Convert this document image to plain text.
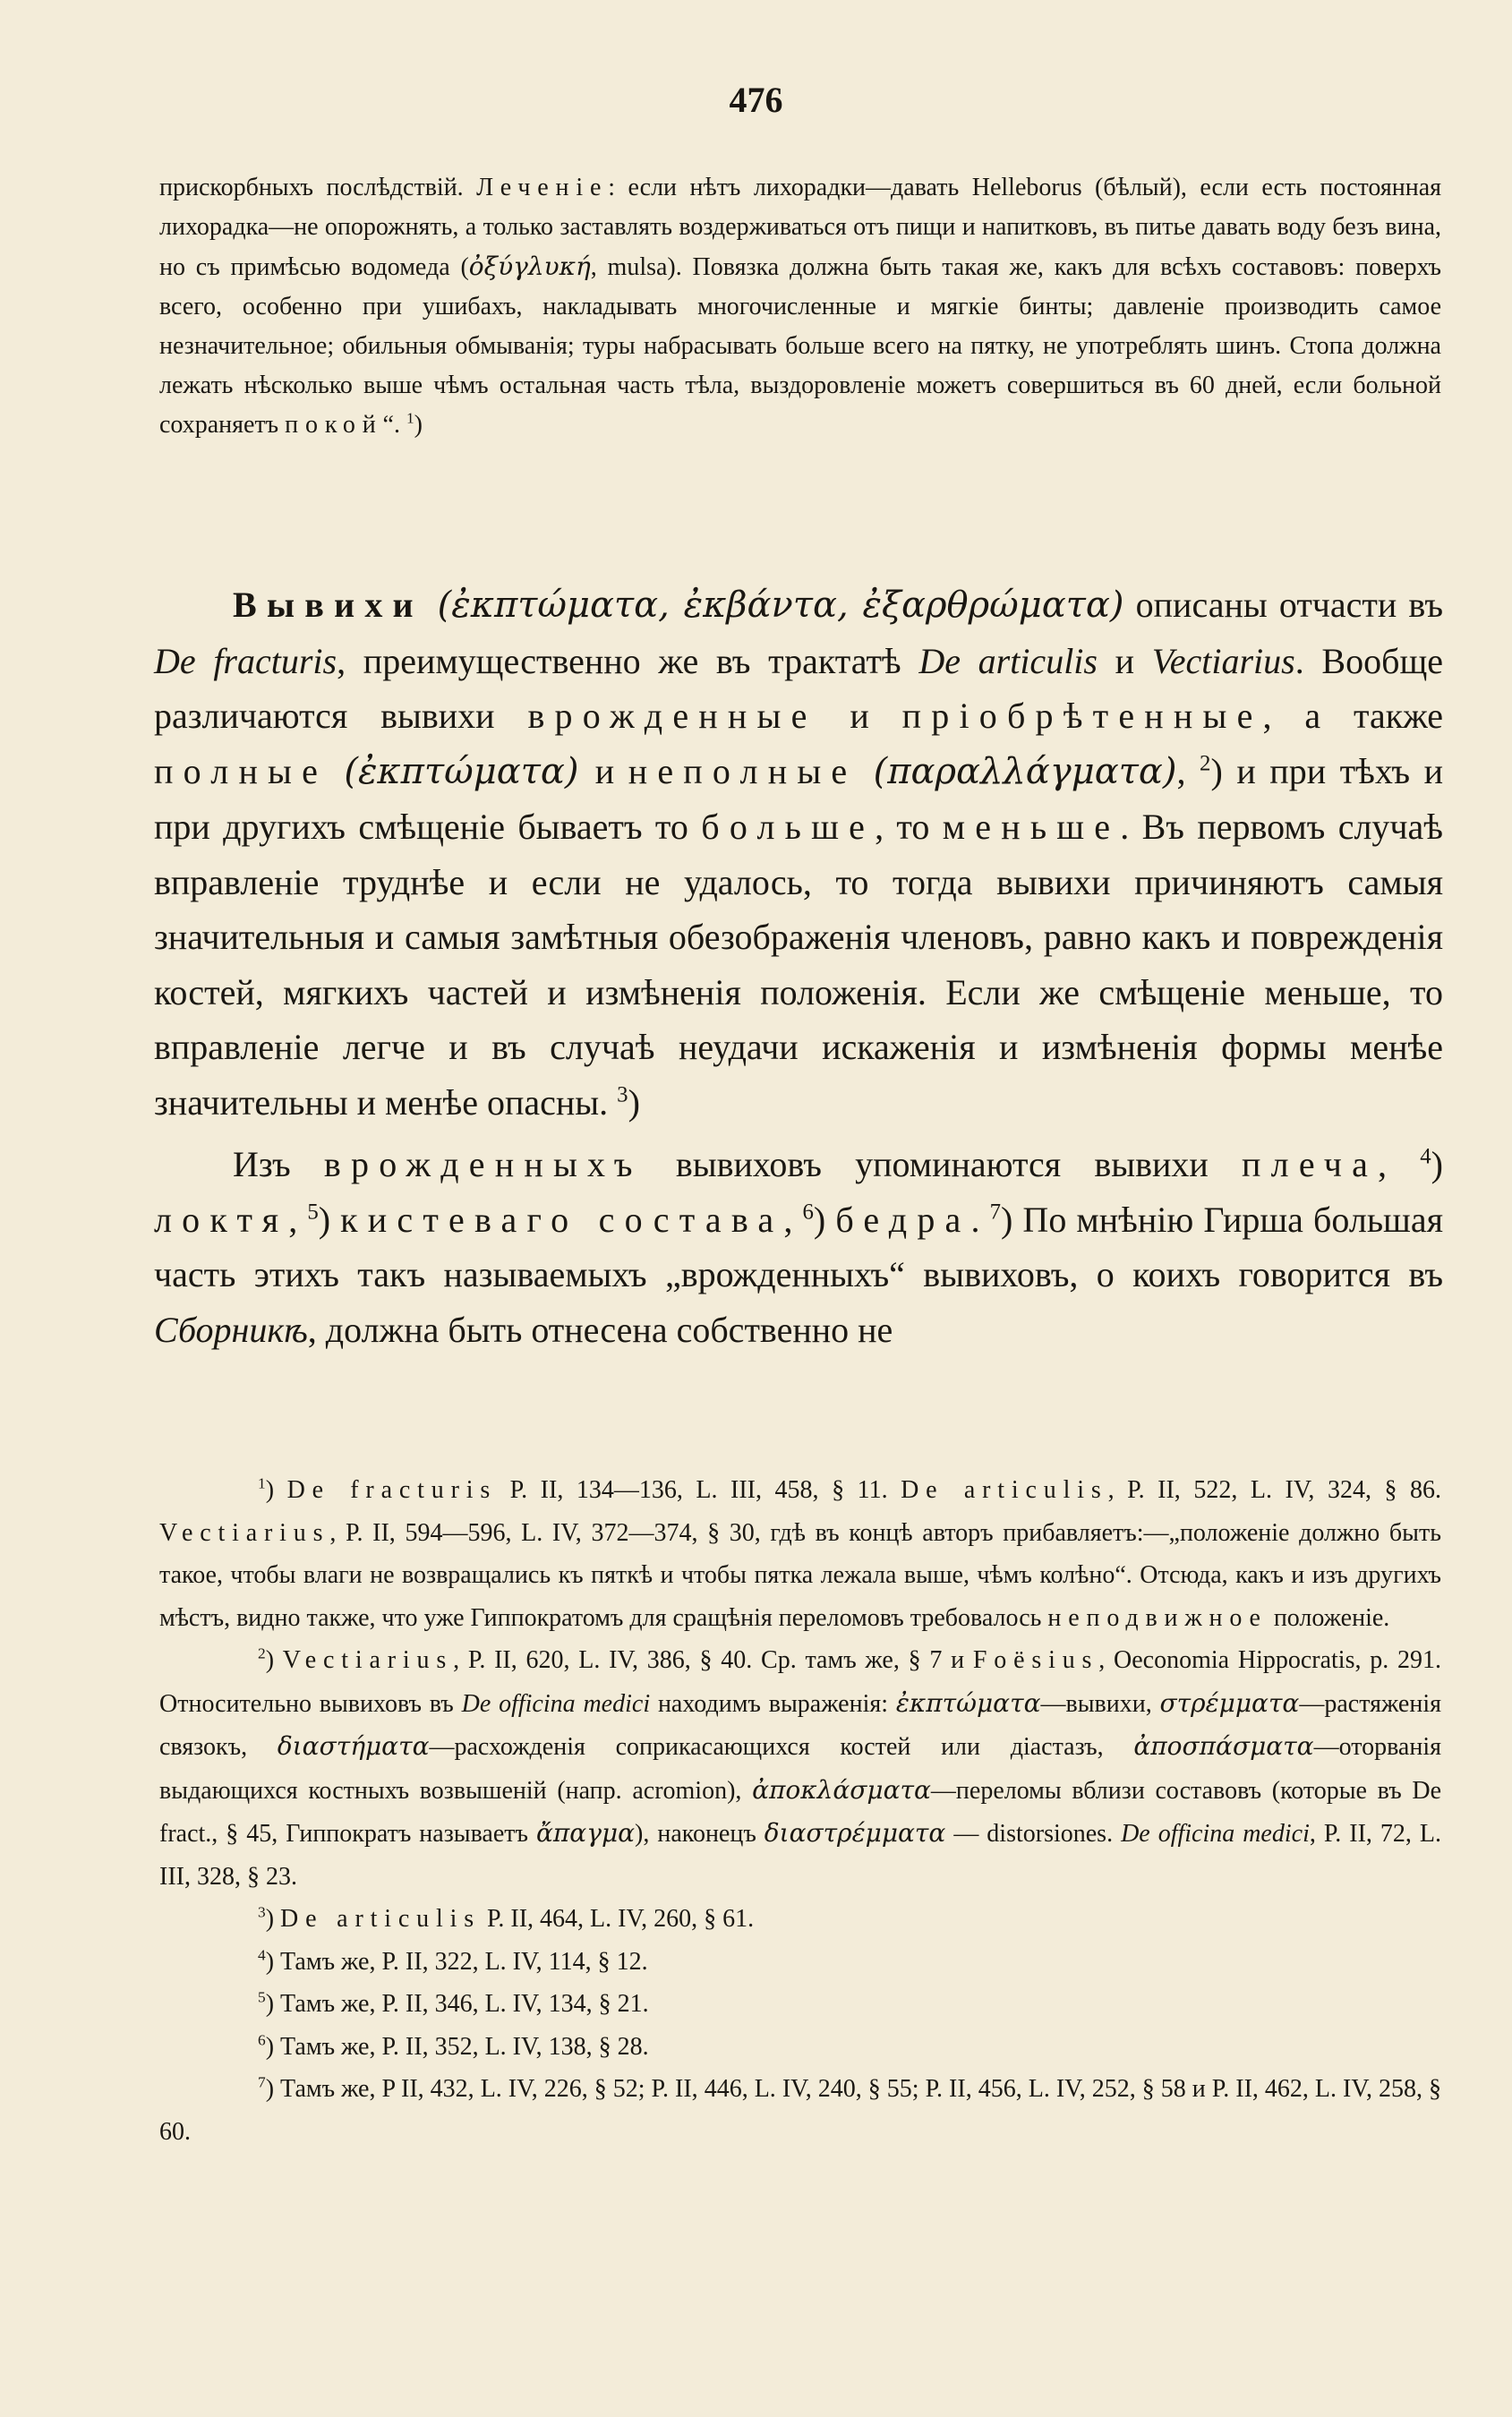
476
прискорбныхъ послѣдствій. Леченіе: если нѣтъ лихорадки—давать Helleborus (бѣлый), если есть постоянная лихорадка—не опорожнять, а только заставлять воздерживаться отъ пищи и напитковъ, въ питье давать воду безъ вина, но съ примѣсью водомеда (ὀξύγλυκή, mulsa). Повязка должна быть такая же, какъ для всѣхъ составовъ: поверхъ всего, особенно при ушибахъ, накладывать многочисленные и мягкіе бинты; давленіе производить самое незначительное; обильныя обмыванія; туры набрасывать больше всего на пятку, не употреблять шинъ. Стопа должна лежать нѣсколько выше чѣмъ остальная часть тѣла, выздоровленіе можетъ совершиться въ 60 дней, если больной сохраняетъ покой“. $^1$)

Вывихи (ἐκπτώματα, ἐκβάντα, ἐξαρθρώματα) описаны отчасти въ De fracturis, преимущественно же въ трактатѣ De articulis и Vectiarius. Вообще различаются вывихи врожденные и пріобрѣтенные, а также полные (ἐκπτώματα) и неполные (παραλλάγματα), $^2$) и при тѣхъ и при другихъ смѣщеніе бываетъ то больше, то меньше. Въ первомъ случаѣ вправленіе труднѣе и если не удалось, то тогда вывихи причиняютъ самыя значительныя и самыя замѣтныя обезображенія членовъ, равно какъ и поврежденія костей, мягкихъ частей и измѣненія положенія. Если же смѣщеніе меньше, то вправленіе легче и въ случаѣ неудачи искаженія и измѣненія формы менѣе значительны и менѣе опасны. $^3$)

Изъ врожденныхъ вывиховъ упоминаются вывихи плеча, $^4$) локтя, $^5$) кистеваго состава, $^6$) бедра. $^7$) По мнѣнію Гирша большая часть этихъ такъ называемыхъ „врожденныхъ“ вывиховъ, о коихъ говорится въ Сборникѣ, должна быть отнесена собственно не

$^1$) De fracturis P. II, 134—136, L. III, 458, § 11. De articulis, P. II, 522, L. IV, 324, § 86. Vectiarius, P. II, 594—596, L. IV, 372—374, § 30, гдѣ въ концѣ авторъ прибавляетъ:—„положеніе должно быть такое, чтобы влаги не возвращались къ пяткѣ и чтобы пятка лежала выше, чѣмъ колѣно“. Отсюда, какъ и изъ другихъ мѣстъ, видно также, что уже Гиппократомъ для сращѣнія переломовъ требовалось неподвижное положеніе.

$^2$) Vectiarius, P. II, 620, L. IV, 386, § 40. Ср. тамъ же, § 7 и Foësius, Oeconomia Hippocratis, p. 291. Относительно вывиховъ въ De officina medici находимъ выраженія: ἐκπτώματα—вывихи, στρέμματα—растяженія связокъ, διαστήματα—расхожденія соприкасающихся костей или діастазъ, ἀποσπάσματα—оторванія выдающихся костныхъ возвышеній (напр. acromion), ἀποκλάσματα—переломы вблизи составовъ (которые въ De fract., § 45, Гиппократъ называетъ ἄπαγμα), наконецъ διαστρέμματα — distorsiones. De officina medici, P. II, 72, L. III, 328, § 23.

$^3$) De articulis P. II, 464, L. IV, 260, § 61.

$^4$) Тамъ же, P. II, 322, L. IV, 114, § 12.

$^5$) Тамъ же, P. II, 346, L. IV, 134, § 21.

$^6$) Тамъ же, P. II, 352, L. IV, 138, § 28.

$^7$) Тамъ же, P II, 432, L. IV, 226, § 52; P. II, 446, L. IV, 240, § 55; P. II, 456, L. IV, 252, § 58 и P. II, 462, L. IV, 258, § 60.
